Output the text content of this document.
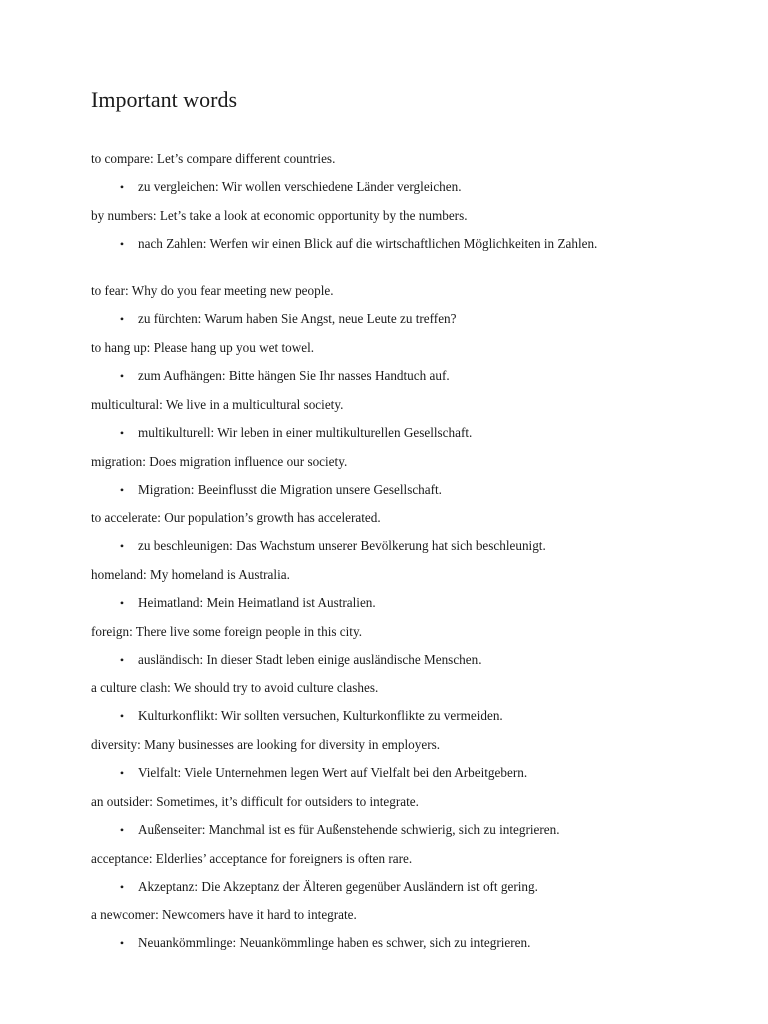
Important words
to compare: Let’s compare different countries.
•	zu vergleichen: Wir wollen verschiedene Länder vergleichen.
by numbers: Let’s take a look at economic opportunity by the numbers.
•	nach Zahlen: Werfen wir einen Blick auf die wirtschaftlichen Möglichkeiten in Zahlen.
to fear: Why do you fear meeting new people.
•	zu fürchten: Warum haben Sie Angst, neue Leute zu treffen?
to hang up: Please hang up you wet towel.
•	zum Aufhängen: Bitte hängen Sie Ihr nasses Handtuch auf.
multicultural: We live in a multicultural society.
•	multikulturell: Wir leben in einer multikulturellen Gesellschaft.
migration: Does migration influence our society.
•	Migration: Beeinflusst die Migration unsere Gesellschaft.
to accelerate: Our population’s growth has accelerated.
•	zu beschleunigen: Das Wachstum unserer Bevölkerung hat sich beschleunigt.
homeland: My homeland is Australia.
•	Heimatland: Mein Heimatland ist Australien.
foreign: There live some foreign people in this city.
•	ausländisch: In dieser Stadt leben einige ausländische Menschen.
a culture clash: We should try to avoid culture clashes.
•	Kulturkonflikt: Wir sollten versuchen, Kulturkonflikte zu vermeiden.
diversity: Many businesses are looking for diversity in employers.
•	Vielfalt: Viele Unternehmen legen Wert auf Vielfalt bei den Arbeitgebern.
an outsider: Sometimes, it’s difficult for outsiders to integrate.
•	Außenseiter: Manchmal ist es für Außenstehende schwierig, sich zu integrieren.
acceptance: Elderlies’ acceptance for foreigners is often rare.
•	Akzeptanz: Die Akzeptanz der Älteren gegenüber Ausländern ist oft gering.
a newcomer: Newcomers have it hard to integrate.
•	Neuankömmlinge: Neuankömmlinge haben es schwer, sich zu integrieren.
